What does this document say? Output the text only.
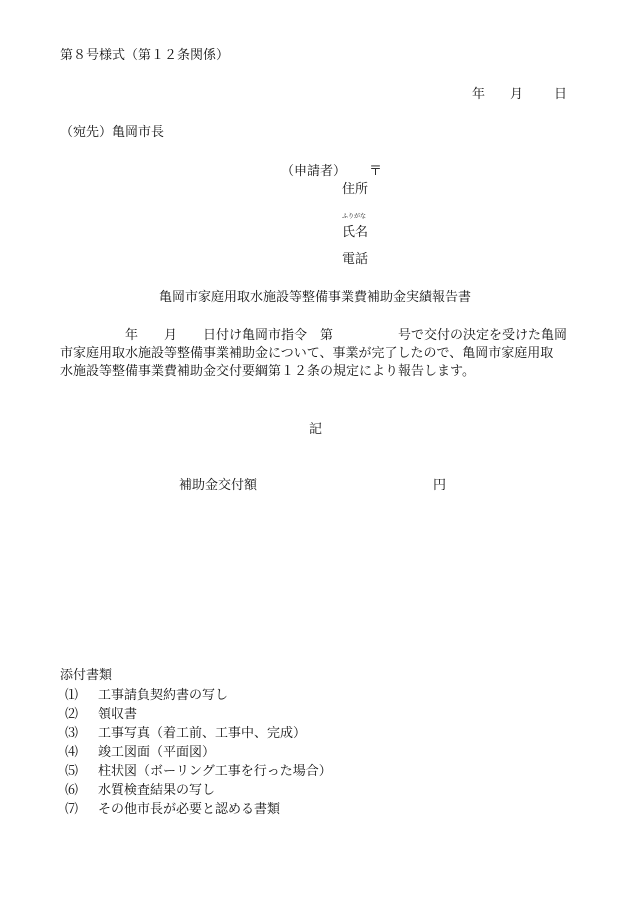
第８号様式（第１２条関係）
年 月 日
（宛先）亀岡市長
（申請者） 〒
住所
ふりがな
氏名
電話
亀岡市家庭用取水施設等整備事業費補助金実績報告書
　　　　　年　　月　　日付け亀岡市指令　第　　　　　号で交付の決定を受けた亀岡
市家庭用取水施設等整備事業補助金について、事業が完了したので、亀岡市家庭用取
水施設等整備事業費補助金交付要綱第１２条の規定により報告します。
記
補助金交付額	円
添付書類
⑴ 工事請負契約書の写し
⑵ 領収書
⑶ 工事写真（着工前、工事中、完成）
⑷ 竣工図面（平面図）
⑸ 柱状図（ボーリング工事を行った場合）
⑹ 水質検査結果の写し
⑺ その他市長が必要と認める書類
